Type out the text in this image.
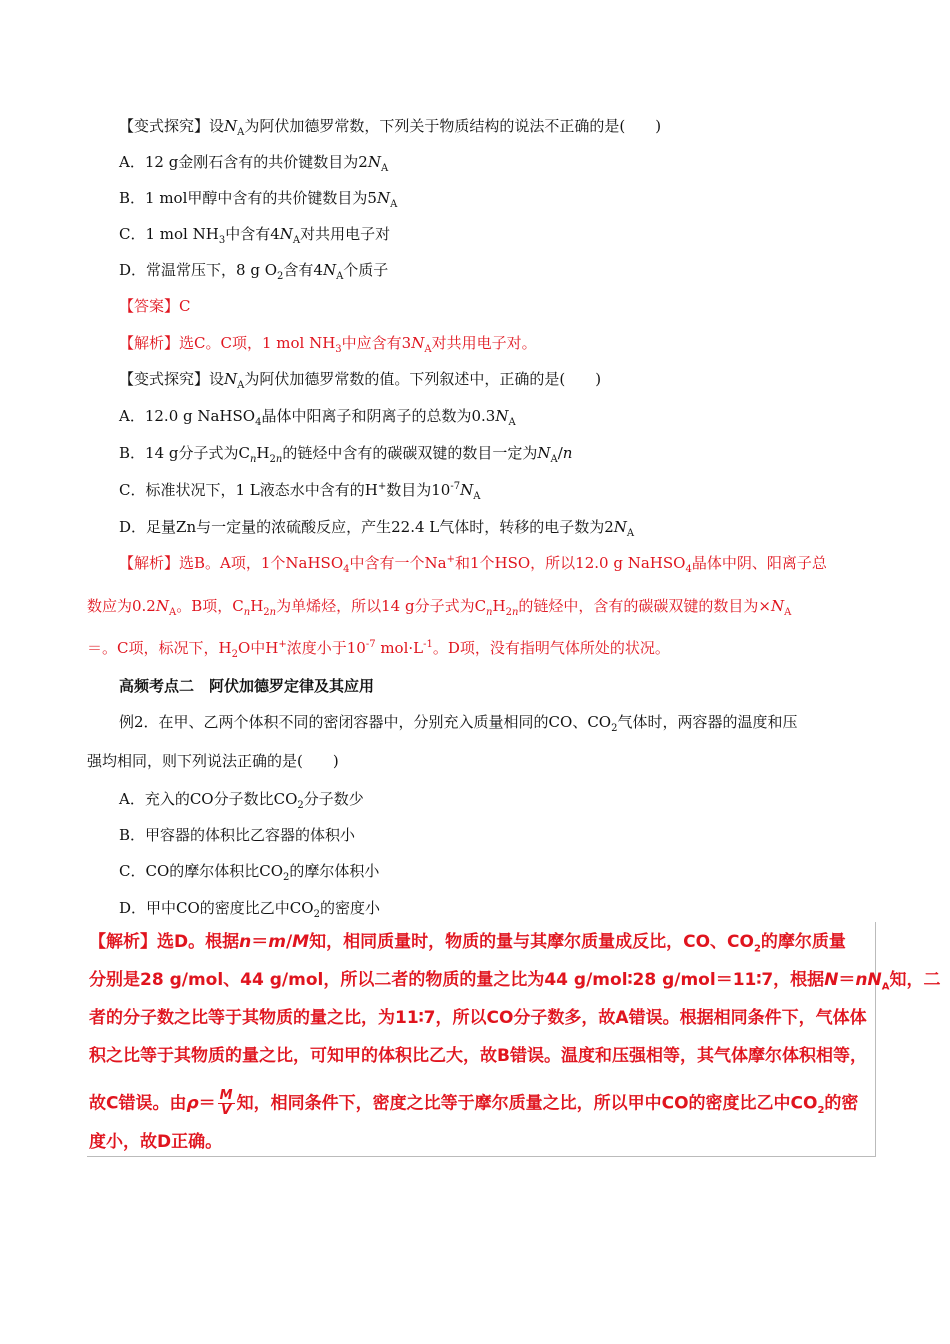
【变式探究】设$N_A$为阿伏加德罗常数，下列关于物质结构的说法不正确的是(　　)
A．12 g金刚石含有的共价键数目为$2N_A$
B．1 mol甲醇中含有的共价键数目为$5N_A$
C．1 mol $NH_3$中含有$4N_A$对共用电子对
D．常温常压下，8 g $O_2$含有$4N_A$个质子
【答案】C
【解析】选C。C项，1 mol $NH_3$中应含有$3N_A$对共用电子对。
【变式探究】设$N_A$为阿伏加德罗常数的值。下列叙述中，正确的是(　　)
A．12.0 g NaHSO$_4$晶体中阳离子和阴离子的总数为$0.3N_A$
B．14 g分子式为$C_nH_{2n}$的链烃中含有的碳碳双键的数目一定为$N_A/n$
C．标准状况下，1 L液态水中含有的H+数目为$10^{-7}N_A$
D．足量Zn与一定量的浓硫酸反应，产生22.4 L气体时，转移的电子数为$2N_A$
【解析】选B。A项，1个NaHSO$_4$中含有一个Na+和1个HSO，所以12.0 g NaHSO$_4$晶体中阴、阳离子总
数应为$0.2N_A$。B项，$C_nH_{2n}$为单烯烃，所以14 g分子式为$C_nH_{2n}$的链烃中，含有的碳碳双键的数目为$\times N_A$
＝。C项，标况下，$H_2O$中H+浓度小于$10^{-7}$ $mol\cdot L^{-1}$。D项，没有指明气体所处的状况。
高频考点二　阿伏加德罗定律及其应用
例2．在甲、乙两个体积不同的密闭容器中，分别充入质量相同的CO、$CO_2$气体时，两容器的温度和压
强均相同，则下列说法正确的是(　　)
A．充入的CO分子数比$CO_2$分子数少
B．甲容器的体积比乙容器的体积小
C．CO的摩尔体积比$CO_2$的摩尔体积小
D．甲中CO的密度比乙中$CO_2$的密度小
【解析】选D。根据n＝m/M知，相同质量时，物质的量与其摩尔质量成反比，CO、$CO_2$的摩尔质量
分别是28 g/mol、44 g/mol，所以二者的物质的量之比为44 g/mol∶28 g/mol＝11∶7，根据$N=nN_A$知，二
者的分子数之比等于其物质的量之比，为11∶7，所以CO分子数多，故A错误。根据相同条件下，气体体
积之比等于其物质的量之比，可知甲的体积比乙大，故B错误。温度和压强相等，其气体摩尔体积相等，
故C错误。由$\rho= \frac{M}{V}$ 知，相同条件下，密度之比等于摩尔质量之比，所以甲中CO的密度比乙中$CO_2$的密
度小，故D正确。
